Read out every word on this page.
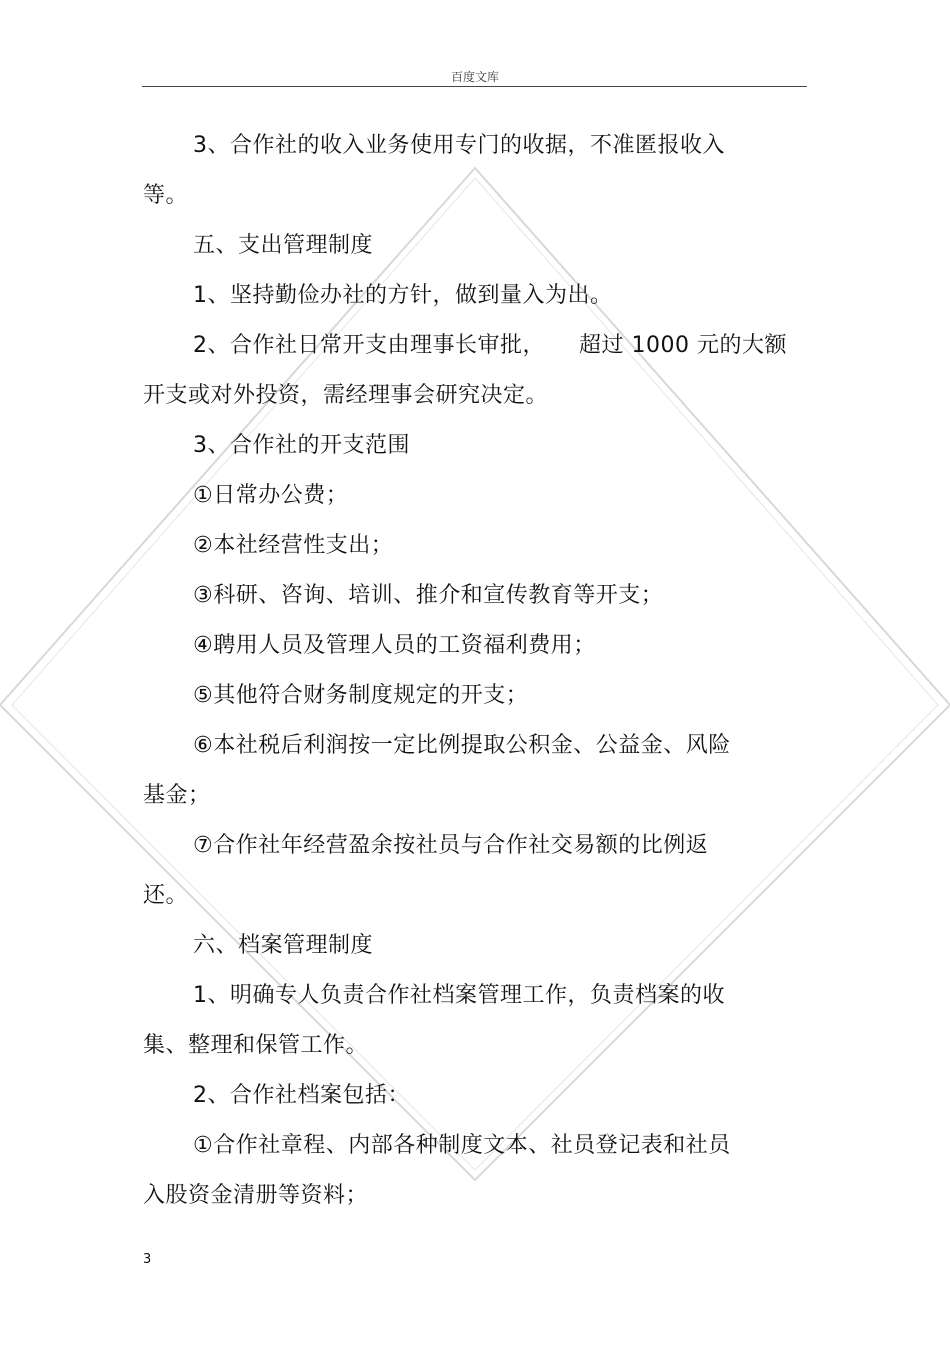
百度文库
3、合作社的收入业务使用专门的收据，不准匿报收入
等。
五、支出管理制度
1、坚持勤俭办社的方针，做到量入为出。
2、合作社日常开支由理事长审批，　　超过 1000 元的大额
开支或对外投资，需经理事会研究决定。
3、合作社的开支范围
①日常办公费；
②本社经营性支出；
③科研、咨询、培训、推介和宣传教育等开支；
④聘用人员及管理人员的工资福利费用；
⑤其他符合财务制度规定的开支；
⑥本社税后利润按一定比例提取公积金、公益金、风险
基金；
⑦合作社年经营盈余按社员与合作社交易额的比例返
还。
六、档案管理制度
1、明确专人负责合作社档案管理工作，负责档案的收
集、整理和保管工作。
2、合作社档案包括：
①合作社章程、内部各种制度文本、社员登记表和社员
入股资金清册等资料；
3
